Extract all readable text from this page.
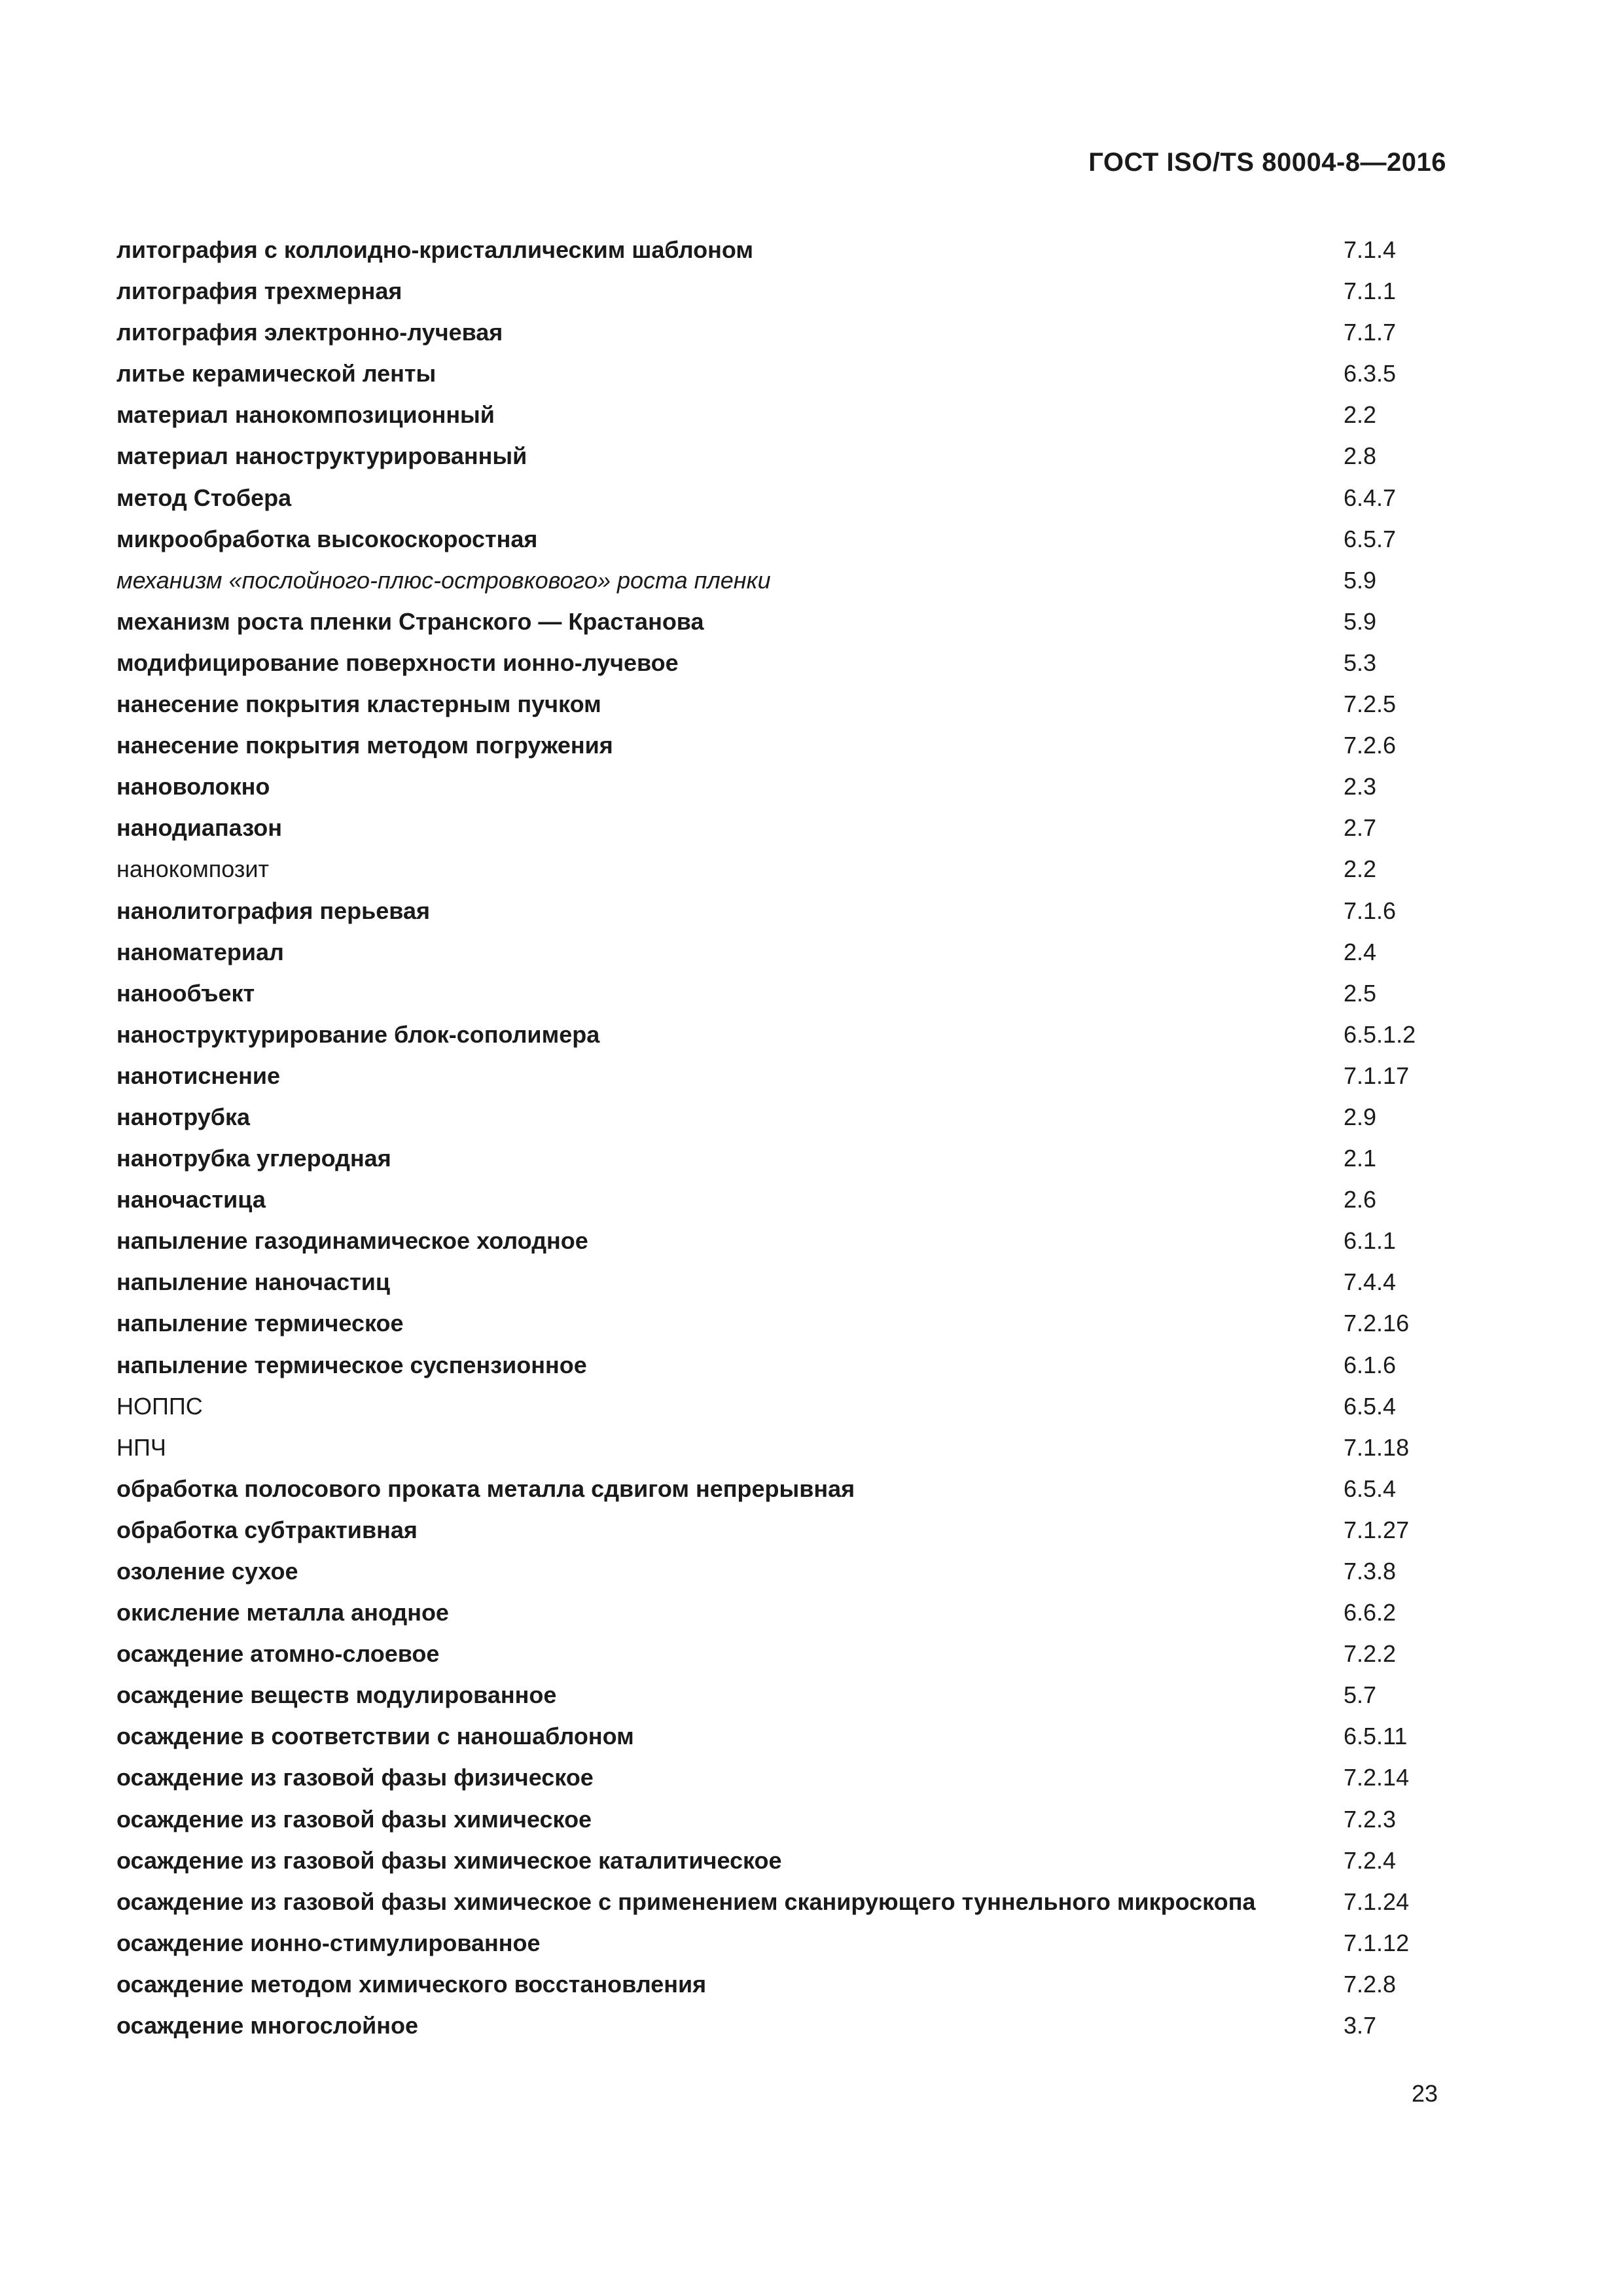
ГОСТ ISO/TS 80004-8—2016
литография с коллоидно-кристаллическим шаблоном	7.1.4
литография трехмерная	7.1.1
литография электронно-лучевая	7.1.7
литье керамической ленты	6.3.5
материал нанокомпозиционный	2.2
материал наноструктурированный	2.8
метод Стобера	6.4.7
микрообработка высокоскоростная	6.5.7
механизм «послойного-плюс-островкового» роста пленки	5.9
механизм роста пленки Странского — Крастанова	5.9
модифицирование поверхности ионно-лучевое	5.3
нанесение покрытия кластерным пучком	7.2.5
нанесение покрытия методом погружения	7.2.6
нановолокно	2.3
нанодиапазон	2.7
нанокомпозит	2.2
нанолитография перьевая	7.1.6
наноматериал	2.4
нанообъект	2.5
наноструктурирование блок-сополимера	6.5.1.2
нанотиснение	7.1.17
нанотрубка	2.9
нанотрубка углеродная	2.1
наночастица	2.6
напыление газодинамическое холодное	6.1.1
напыление наночастиц	7.4.4
напыление термическое	7.2.16
напыление термическое суспензионное	6.1.6
НОППС	6.5.4
НПЧ	7.1.18
обработка полосового проката металла сдвигом непрерывная	6.5.4
обработка субтрактивная	7.1.27
озоление сухое	7.3.8
окисление металла анодное	6.6.2
осаждение атомно-слоевое	7.2.2
осаждение веществ модулированное	5.7
осаждение в соответствии с наношаблоном	6.5.11
осаждение из газовой фазы физическое	7.2.14
осаждение из газовой фазы химическое	7.2.3
осаждение из газовой фазы химическое каталитическое	7.2.4
осаждение из газовой фазы химическое с применением сканирующего туннельного микроскопа	7.1.24
осаждение ионно-стимулированное	7.1.12
осаждение методом химического восстановления	7.2.8
осаждение многослойное	3.7
23
